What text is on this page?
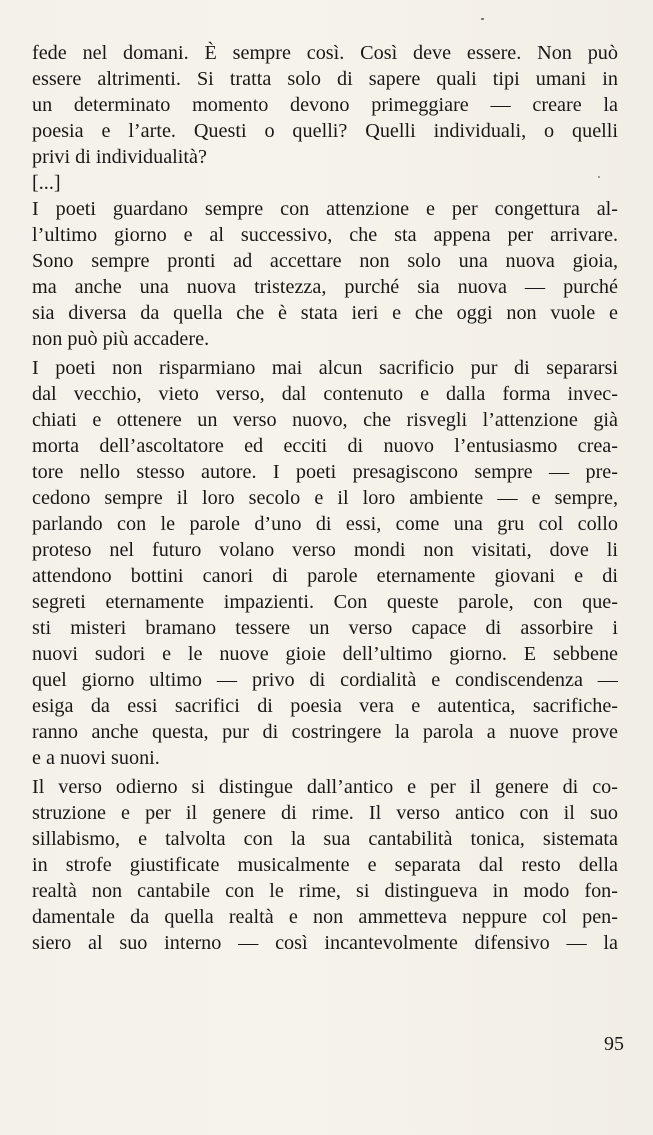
fede nel domani. È sempre così. Così deve essere. Non può
essere altrimenti. Si tratta solo di sapere quali tipi umani in
un determinato momento devono primeggiare — creare la
poesia e l’arte. Questi o quelli? Quelli individuali, o quelli
privi di individualità?
[...]
I poeti guardano sempre con attenzione e per congettura al-
l’ultimo giorno e al successivo, che sta appena per arrivare.
Sono sempre pronti ad accettare non solo una nuova gioia,
ma anche una nuova tristezza, purché sia nuova — purché
sia diversa da quella che è stata ieri e che oggi non vuole e
non può più accadere.
I poeti non risparmiano mai alcun sacrificio pur di separarsi
dal vecchio, vieto verso, dal contenuto e dalla forma invec-
chiati e ottenere un verso nuovo, che risvegli l’attenzione già
morta dell’ascoltatore ed ecciti di nuovo l’entusiasmo crea-
tore nello stesso autore. I poeti presagiscono sempre — pre-
cedono sempre il loro secolo e il loro ambiente — e sempre,
parlando con le parole d’uno di essi, come una gru col collo
proteso nel futuro volano verso mondi non visitati, dove li
attendono bottini canori di parole eternamente giovani e di
segreti eternamente impazienti. Con queste parole, con que-
sti misteri bramano tessere un verso capace di assorbire i
nuovi sudori e le nuove gioie dell’ultimo giorno. E sebbene
quel giorno ultimo — privo di cordialità e condiscendenza —
esiga da essi sacrifici di poesia vera e autentica, sacrifiche-
ranno anche questa, pur di costringere la parola a nuove prove
e a nuovi suoni.
Il verso odierno si distingue dall’antico e per il genere di co-
struzione e per il genere di rime. Il verso antico con il suo
sillabismo, e talvolta con la sua cantabilità tonica, sistemata
in strofe giustificate musicalmente e separata dal resto della
realtà non cantabile con le rime, si distingueva in modo fon-
damentale da quella realtà e non ammetteva neppure col pen-
siero al suo interno — così incantevolmente difensivo — la
95
